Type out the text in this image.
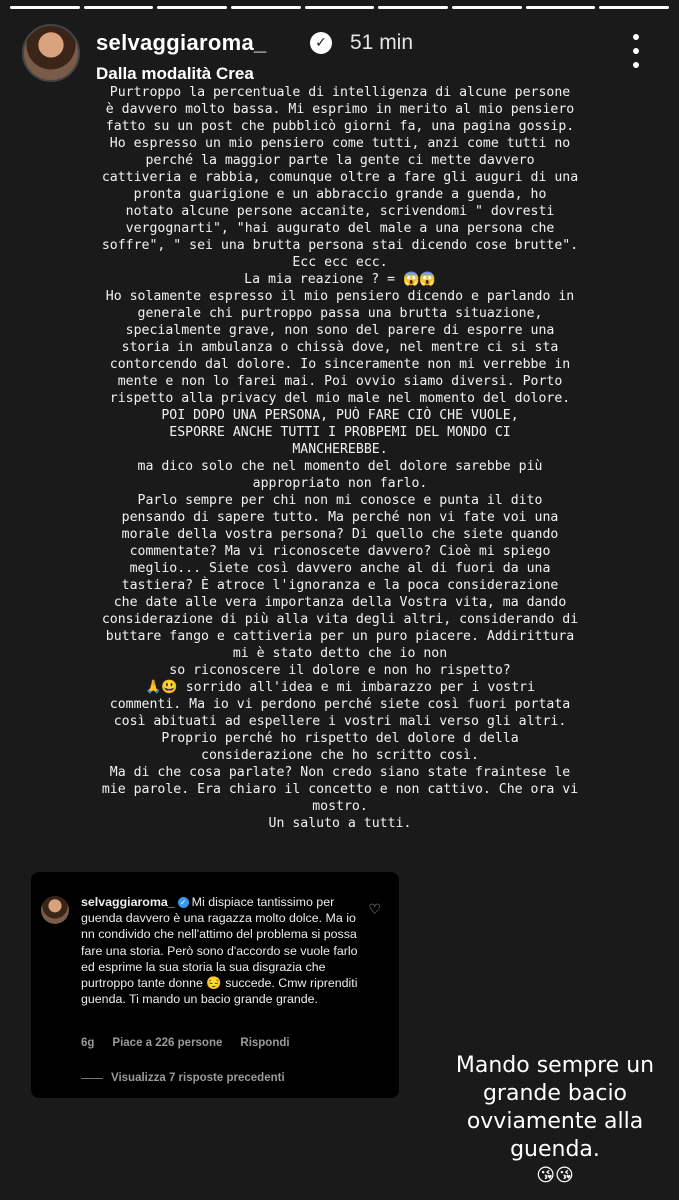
selvaggiaroma_	✓ 51 min
Dalla modalità Crea

Purtroppo la percentuale di intelligenza di alcune persone
è davvero molto bassa. Mi esprimo in merito al mio pensiero
fatto su un post che pubblicò giorni fa, una pagina gossip.
Ho espresso un mio pensiero come tutti, anzi come tutti no
perché la maggior parte la gente ci mette davvero
cattiveria e rabbia, comunque oltre a fare gli auguri di una
pronta guarigione e un abbraccio grande a guenda, ho
notato alcune persone accanite, scrivendomi " dovresti
vergognarti", "hai augurato del male a una persona che
soffre", " sei una brutta persona stai dicendo cose brutte".
Ecc ecc ecc.
La mia reazione ? = 😱😱

Ho solamente espresso il mio pensiero dicendo e parlando in
generale chi purtroppo passa una brutta situazione,
specialmente grave, non sono del parere di esporre una
storia in ambulanza o chissà dove, nel mentre ci si sta
contorcendo dal dolore. Io sinceramente non mi verrebbe in
mente e non lo farei mai. Poi ovvio siamo diversi. Porto
rispetto alla privacy del mio male nel momento del dolore.
POI DOPO UNA PERSONA, PUÒ FARE CIÒ CHE VUOLE,
ESPORRE ANCHE TUTTI I PROBPEMI DEL MONDO CI
MANCHEREBBE.
ma dico solo che nel momento del dolore sarebbe più
appropriato non farlo.

Parlo sempre per chi non mi conosce e punta il dito
pensando di sapere tutto. Ma perché non vi fate voi una
morale della vostra persona? Di quello che siete quando
commentate? Ma vi riconoscete davvero? Cioè mi spiego
meglio... Siete così davvero anche al di fuori da una
tastiera? È atroce l'ignoranza e la poca considerazione
che date alle vera importanza della Vostra vita, ma dando
considerazione di più alla vita degli altri, considerando di
buttare fango e cattiveria per un puro piacere. Addirittura
mi è stato detto che io non
so riconoscere il dolore e non ho rispetto?
🙏😃 sorrido all'idea e mi imbarazzo per i vostri
commenti. Ma io vi perdono perché siete così fuori portata
così abituati ad espellere i vostri mali verso gli altri.
Proprio perché ho rispetto del dolore d della
considerazione che ho scritto così.

Ma di che cosa parlate? Non credo siano state fraintese le
mie parole. Era chiaro il concetto e non cattivo. Che ora vi
mostro.
Un saluto a tutti.

selvaggiaroma_ ✓ Mi dispiace tantissimo per guenda davvero è una ragazza molto dolce. Ma io nn condivido che nell'attimo del problema si possa fare una storia. Però sono d'accordo se vuole farlo ed esprime la sua storia la sua disgrazia che purtroppo tante donne 😔 succede. Cmw riprenditi guenda. Ti mando un bacio grande grande.

♡
6g Piace a 226 persone Rispondi
Visualizza 7 risposte precedenti	Mando sempre un
grande bacio
ovviamente alla
guenda.
😘😘
